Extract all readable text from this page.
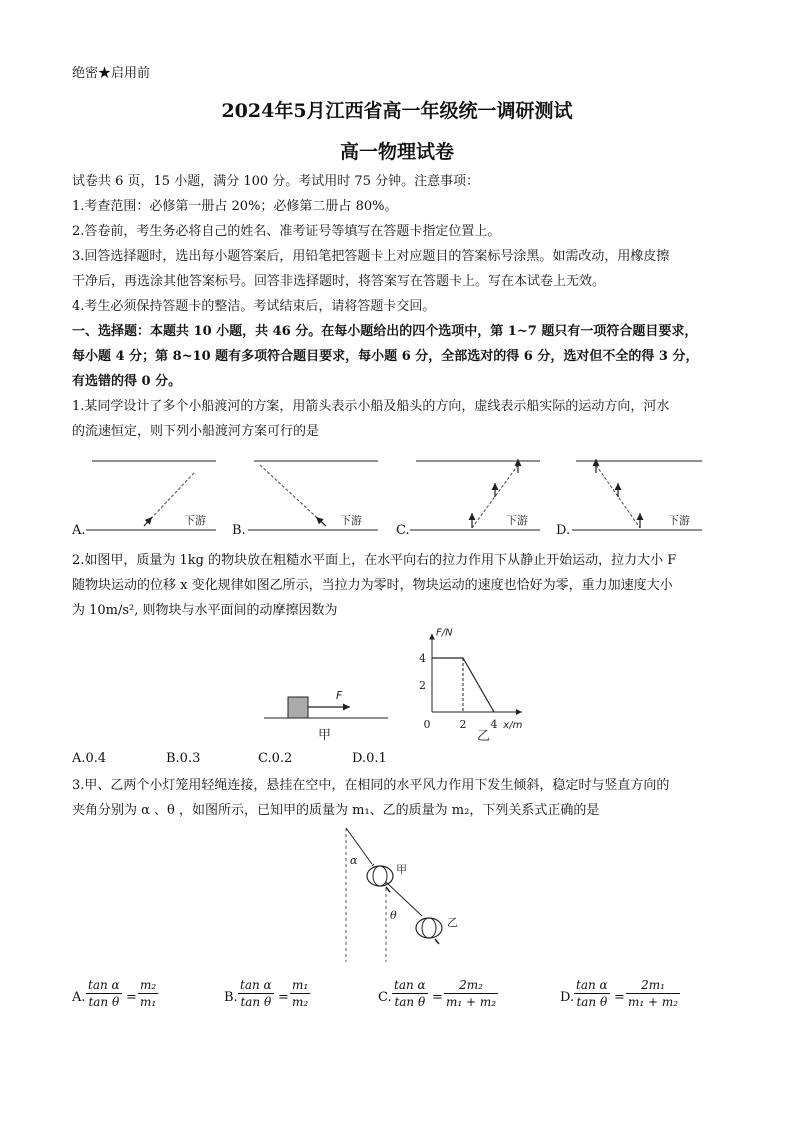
绝密★启用前
2024年5月江西省高一年级统一调研测试
高一物理试卷
试卷共 6 页，15 小题，满分 100 分。考试用时 75 分钟。注意事项：
1.考查范围：必修第一册占 20%；必修第二册占 80%。
2.答卷前，考生务必将自己的姓名、准考证号等填写在答题卡指定位置上。
3.回答选择题时，选出每小题答案后，用铅笔把答题卡上对应题目的答案标号涂黑。如需改动，用橡皮擦
干净后，再选涂其他答案标号。回答非选择题时，将答案写在答题卡上。写在本试卷上无效。
4.考生必须保持答题卡的整洁。考试结束后，请将答题卡交回。
一、选择题：本题共 10 小题，共 46 分。在每小题给出的四个选项中，第 1~7 题只有一项符合题目要求，
每小题 4 分；第 8~10 题有多项符合题目要求，每小题 6 分，全部选对的得 6 分，选对但不全的得 3 分，
有选错的得 0 分。
1.某同学设计了多个小船渡河的方案，用箭头表示小船及船头的方向，虚线表示船实际的运动方向，河水
的流速恒定，则下列小船渡河方案可行的是
A.	B.	C.	D.
下游	下游	下游	下游
2.如图甲，质量为 1kg 的物块放在粗糙水平面上，在水平向右的拉力作用下从静止开始运动，拉力大小 F
随物块运动的位移 x 变化规律如图乙所示，当拉力为零时，物块运动的速度也恰好为零，重力加速度大小
为 10m/s², 则物块与水平面间的动摩擦因数为
F
甲
F/N
x/m
0	2 4
2
4
乙
A.0.4	B.0.3	C.0.2	D.0.1
3.甲、乙两个小灯笼用轻绳连接，悬挂在空中，在相同的水平风力作用下发生倾斜，稳定时与竖直方向的
夹角分别为 α 、θ ，如图所示，已知甲的质量为 m₁、乙的质量为 m₂，下列关系式正确的是
α
甲
θ
乙
A. $\frac{\text{tan α}}{\text{tan θ}} = \frac{\text{m₂}}{\text{m₁}}$	B. $\frac{\text{tan α}}{\text{tan θ}} = \frac{\text{m₁}}{\text{m₂}}$	C. $\frac{\text{tan α}}{\text{tan θ}} = \frac{\text{2m₂}}{\text{m₁ + m₂}}$	D. $\frac{\text{tan α}}{\text{tan θ}} = \frac{\text{2m₁}}{\text{m₁ + m₂}}$
